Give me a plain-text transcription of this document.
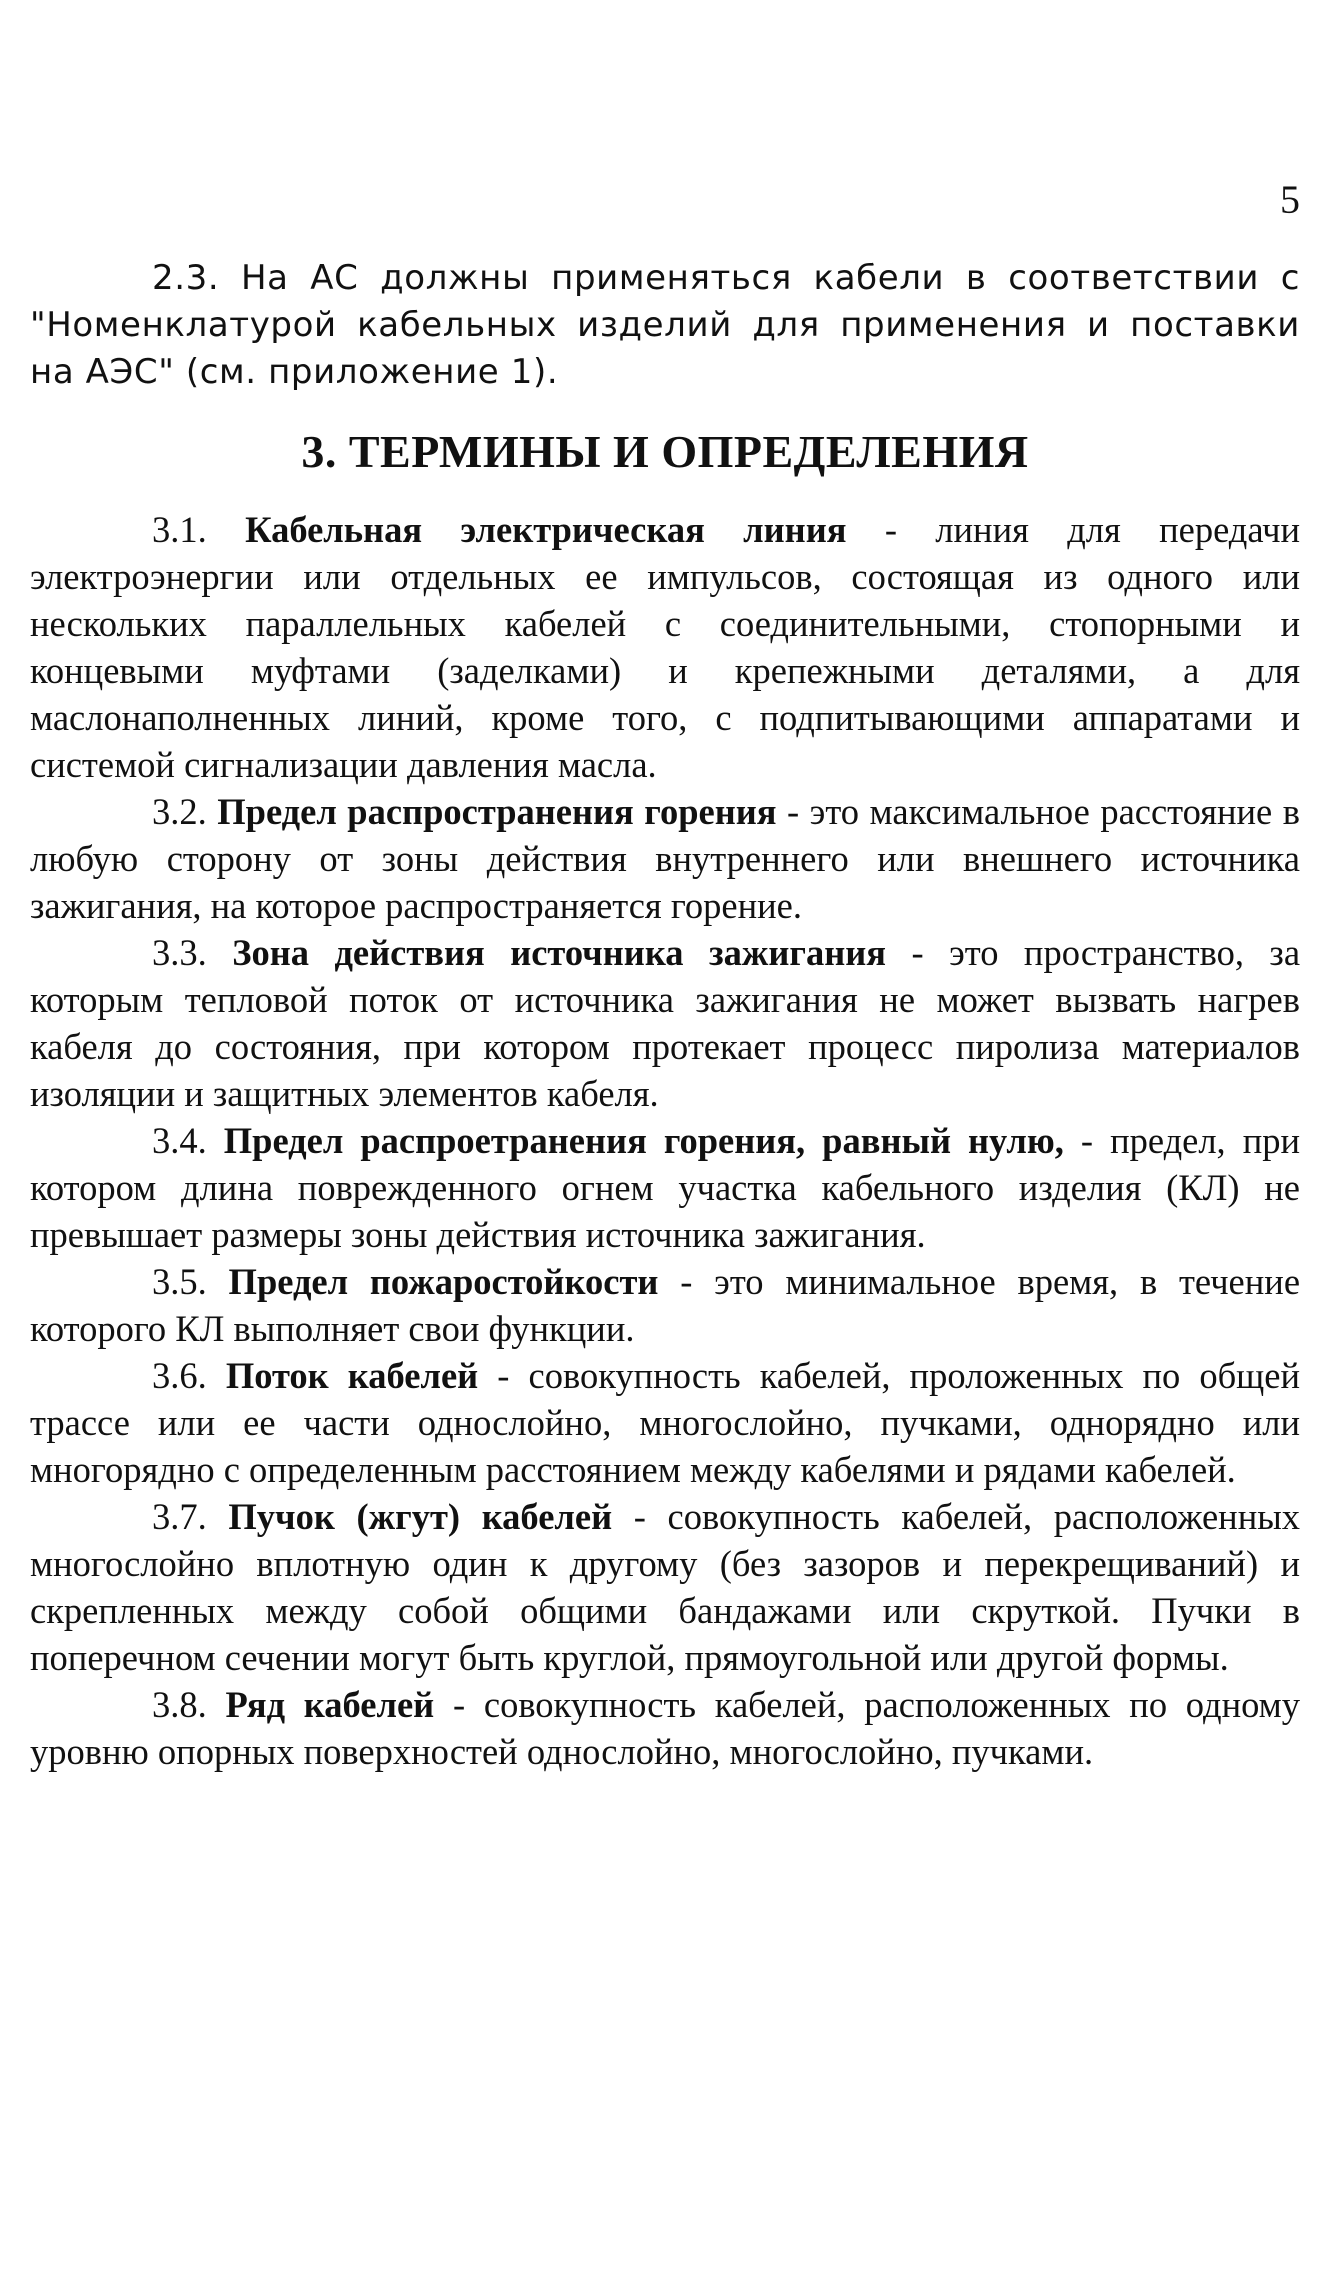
5

2.3. На АС должны применяться кабели в соответствии с "Номенклатурой кабельных изделий для применения и поставки на АЭС" (см. приложение 1).

3. ТЕРМИНЫ И ОПРЕДЕЛЕНИЯ

3.1. Кабельная электрическая линия - линия для передачи электроэнергии или отдельных ее импульсов, состоящая из одного или нескольких параллельных кабелей с соединительными, стопорными и концевыми муфтами (заделками) и крепежными деталями, а для маслонаполненных линий, кроме того, с подпитывающими аппаратами и системой сигнализации давления масла.

3.2. Предел распространения горения - это максимальное расстояние в любую сторону от зоны действия внутреннего или внешнего источника зажигания, на которое распространяется горение.

3.3. Зона действия источника зажигания - это пространство, за которым тепловой поток от источника зажигания не может вызвать нагрев кабеля до состояния, при котором протекает процесс пиролиза материалов изоляции и защитных элементов кабеля.

3.4. Предел распроетранения горения, равный нулю, - предел, при котором длина поврежденного огнем участка кабельного изделия (КЛ) не превышает размеры зоны действия источника зажигания.

3.5. Предел пожаростойкости - это минимальное время, в течение которого КЛ выполняет свои функции.

3.6. Поток кабелей - совокупность кабелей, проложенных по общей трассе или ее части однослойно, многослойно, пучками, однорядно или многорядно с определенным расстоянием между кабелями и рядами кабелей.

3.7. Пучок (жгут) кабелей - совокупность кабелей, расположенных многослойно вплотную один к другому (без зазоров и перекрещиваний) и скрепленных между собой общими бандажами или скруткой. Пучки в поперечном сечении могут быть круглой, прямоугольной или другой формы.

3.8. Ряд кабелей - совокупность кабелей, расположенных по одному уровню опорных поверхностей однослойно, многослойно, пучками.
